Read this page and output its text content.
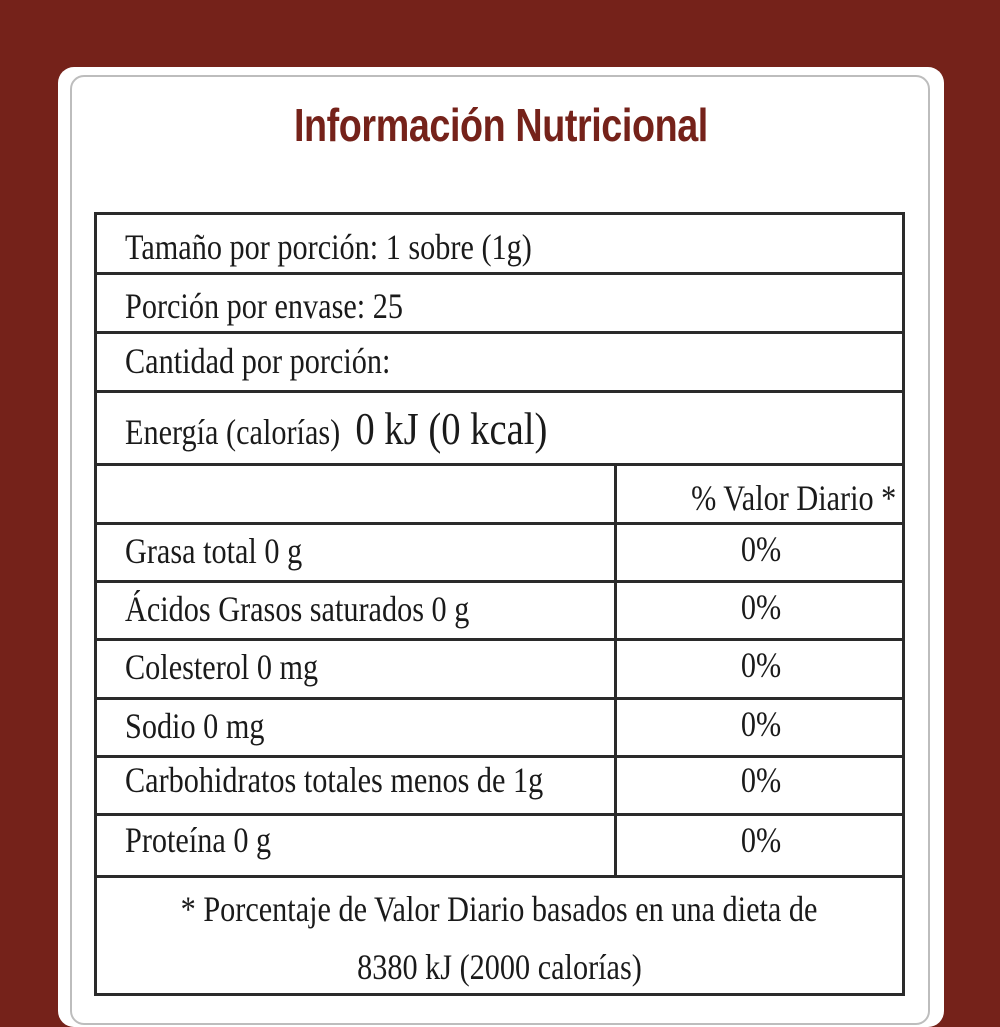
Información Nutricional
Tamaño por porción: 1 sobre (1g)
Porción por envase: 25
Cantidad por porción:
Energía (calorías) 0 kJ (0 kcal)
% Valor Diario *
Grasa total 0 g	0%
Ácidos Grasos saturados 0 g	0%
Colesterol 0 mg	0%
Sodio 0 mg	0%
Carbohidratos totales menos de 1g	0%
Proteína 0 g	0%
* Porcentaje de Valor Diario basados en una dieta de
8380 kJ (2000 calorías)
